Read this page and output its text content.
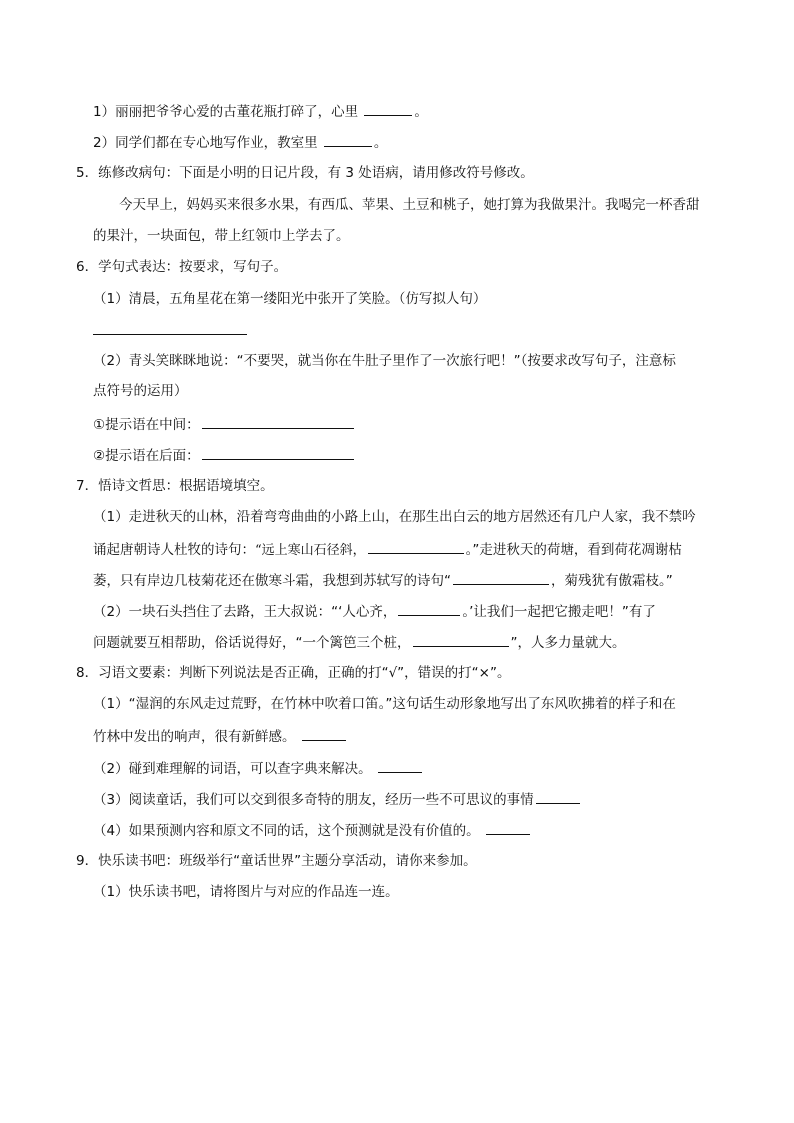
1）丽丽把爷爷心爱的古董花瓶打碎了，心里	。
2）同学们都在专心地写作业，教室里	。
5．练修改病句：下面是小明的日记片段，有 3 处语病，请用修改符号修改。
今天早上，妈妈买来很多水果，有西瓜、苹果、土豆和桃子，她打算为我做果汁。我喝完一杯香甜
的果汁，一块面包，带上红领巾上学去了。
6．学句式表达：按要求，写句子。
（1）清晨，五角星花在第一缕阳光中张开了笑脸。（仿写拟人句）
（2）青头笑眯眯地说：“不要哭，就当你在牛肚子里作了一次旅行吧！”（按要求改写句子，注意标
点符号的运用）
①提示语在中间：
②提示语在后面：
7．悟诗文哲思：根据语境填空。
（1）走进秋天的山林，沿着弯弯曲曲的小路上山，在那生出白云的地方居然还有几户人家，我不禁吟
诵起唐朝诗人杜牧的诗句：“远上寒山石径斜，	。”走进秋天的荷塘，看到荷花凋谢枯
萎，只有岸边几枝菊花还在傲寒斗霜，我想到苏轼写的诗句“	，菊残犹有傲霜枝。”
（2）一块石头挡住了去路，王大叔说：“‘人心齐，	。’让我们一起把它搬走吧！”有了
问题就要互相帮助，俗话说得好，“一个篱笆三个桩，	”，人多力量就大。
8．习语文要素：判断下列说法是否正确，正确的打“√”，错误的打“×”。
（1）“湿润的东风走过荒野，在竹林中吹着口笛。”这句话生动形象地写出了东风吹拂着的样子和在
竹林中发出的响声，很有新鲜感。
（2）碰到难理解的词语，可以查字典来解决。
（3）阅读童话，我们可以交到很多奇特的朋友，经历一些不可思议的事情
（4）如果预测内容和原文不同的话，这个预测就是没有价值的。
9．快乐读书吧：班级举行“童话世界”主题分享活动，请你来参加。
（1）快乐读书吧，请将图片与对应的作品连一连。
